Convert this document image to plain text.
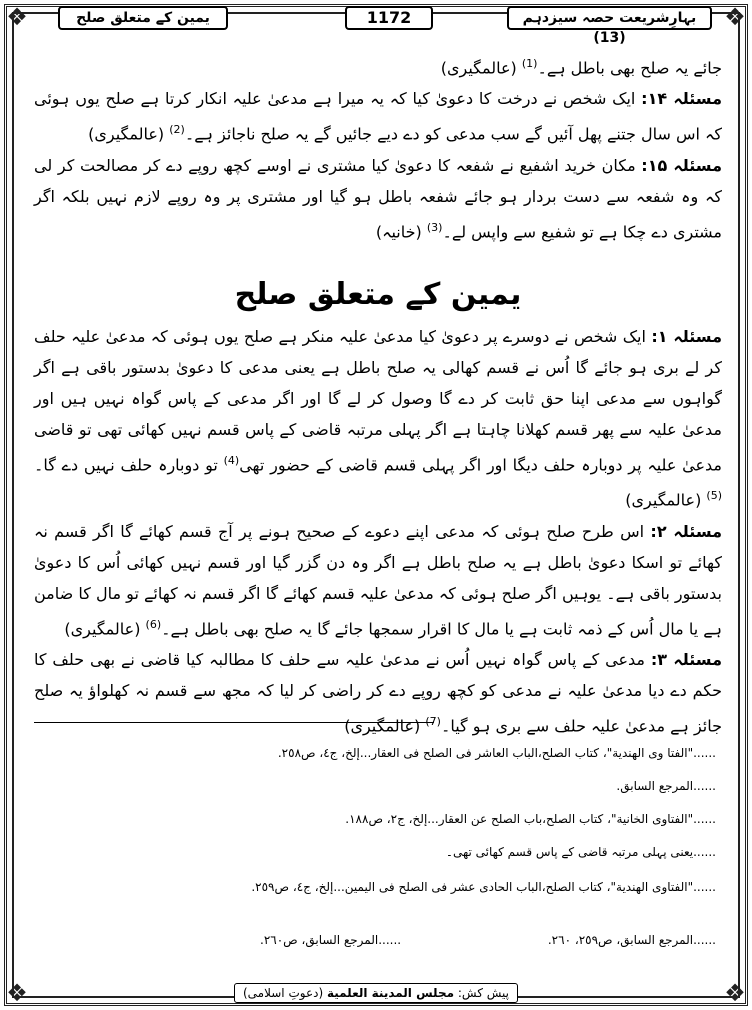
❖	❖
❖	❖
بہارِشریعت حصہ سیزدہم (13)
1172
یمین کے متعلق صلح

جائے یہ صلح بھی باطل ہے۔$^{(1)}$ (عالمگیری)

مسئلہ ۱۴: ایک شخص نے درخت کا دعویٰ کیا کہ یہ میرا ہے مدعیٰ علیہ انکار کرتا ہے صلح یوں ہوئی کہ اس سال جتنے پھل آئیں گے سب مدعی کو دے دیے جائیں گے یہ صلح ناجائز ہے۔$^{(2)}$ (عالمگیری)

مسئلہ ۱۵: مکان خرید اشفیع نے شفعہ کا دعویٰ کیا مشتری نے اوسے کچھ روپے دے کر مصالحت کر لی کہ وہ شفعہ سے دست بردار ہو جائے شفعہ باطل ہو گیا اور مشتری پر وہ روپے لازم نہیں بلکہ اگر مشتری دے چکا ہے تو شفیع سے واپس لے۔$^{(3)}$ (خانیہ)

یمین کے متعلق صلح

مسئلہ ۱: ایک شخص نے دوسرے پر دعویٰ کیا مدعیٰ علیہ منکر ہے صلح یوں ہوئی کہ مدعیٰ علیہ حلف کر لے بری ہو جائے گا اُس نے قسم کھالی یہ صلح باطل ہے یعنی مدعی کا دعویٰ بدستور باقی ہے اگر گواہوں سے مدعی اپنا حق ثابت کر دے گا وصول کر لے گا اور اگر مدعی کے پاس گواہ نہیں ہیں اور مدعیٰ علیہ سے پھر قسم کھلانا چاہتا ہے اگر پہلی مرتبہ قاضی کے پاس قسم نہیں کھائی تھی تو قاضی مدعیٰ علیہ پر دوبارہ حلف دیگا اور اگر پہلی قسم قاضی کے حضور تھی$^{(4)}$ تو دوبارہ حلف نہیں دے گا۔$^{(5)}$ (عالمگیری)

مسئلہ ۲: اس طرح صلح ہوئی کہ مدعی اپنے دعوے کے صحیح ہونے پر آج قسم کھائے گا اگر قسم نہ کھائے تو اسکا دعویٰ باطل ہے یہ صلح باطل ہے اگر وہ دن گزر گیا اور قسم نہیں کھائی اُس کا دعویٰ بدستور باقی ہے۔ یوہیں اگر صلح ہوئی کہ مدعیٰ علیہ قسم کھائے گا اگر قسم نہ کھائے تو مال کا ضامن ہے یا مال اُس کے ذمہ ثابت ہے یا مال کا اقرار سمجھا جائے گا یہ صلح بھی باطل ہے۔$^{(6)}$ (عالمگیری)

مسئلہ ۳: مدعی کے پاس گواہ نہیں اُس نے مدعیٰ علیہ سے حلف کا مطالبہ کیا قاضی نے بھی حلف کا حکم دے دیا مدعیٰ علیہ نے مدعی کو کچھ روپے دے کر راضی کر لیا کہ مجھ سے قسم نہ کھلواؤ یہ صلح جائز ہے مدعیٰ علیہ حلف سے بری ہو گیا۔$^{(7)}$ (عالمگیری)

......"الفتا وی الهندية"، كتاب الصلح،الباب العاشر فی الصلح فی العقار...إلخ، ج٤، ص٢٥٨.
......المرجع السابق.
......"الفتاوی الخانية"، كتاب الصلح،باب الصلح عن العقار...إلخ، ج٢، ص١٨٨.
......یعنی پہلی مرتبہ قاضی کے پاس قسم کھائی تھی۔
......"الفتاوی الهندية"، كتاب الصلح،الباب الحادی عشر فی الصلح فی اليمين...إلخ، ج٤، ص٢٥٩.
......المرجع السابق، ص٢٥٩، ٢٦٠.
......المرجع السابق، ص٢٦٠.
پیش کش: مجلس المدينة العلمية (دعوتِ اسلامی)
